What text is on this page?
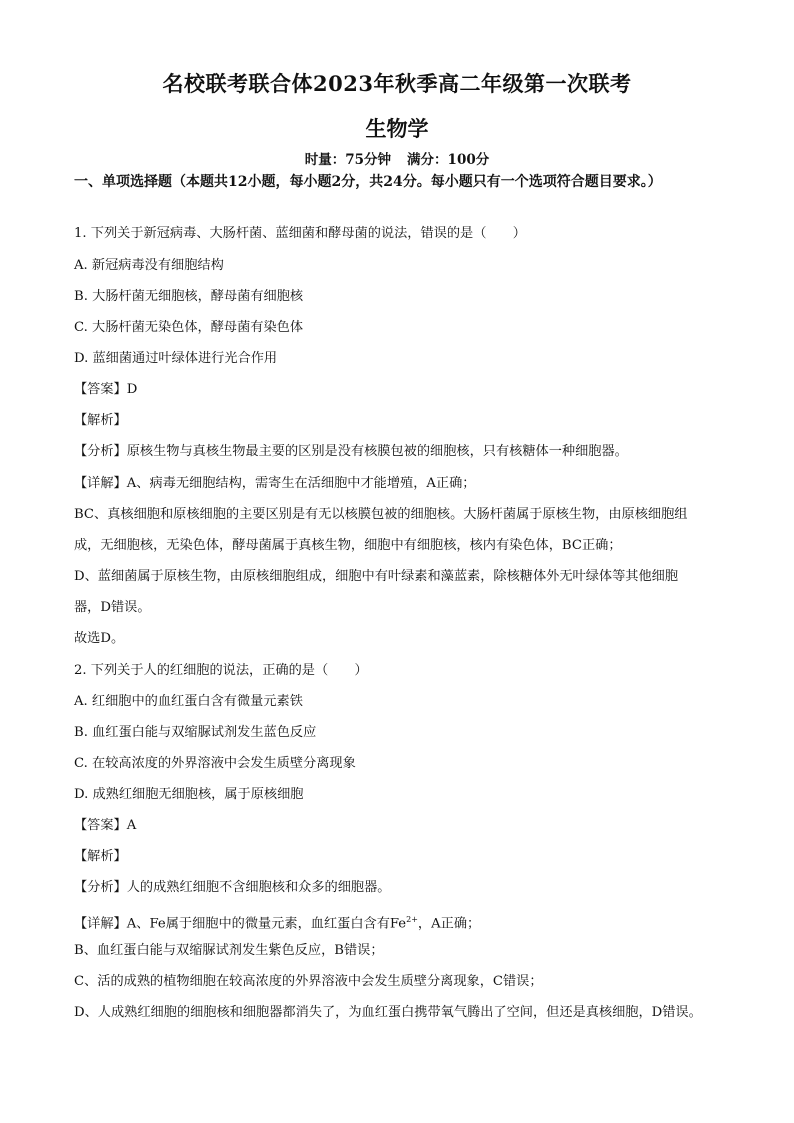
名校联考联合体2023年秋季高二年级第一次联考
生物学
时量：75分钟 满分：100分
一、单项选择题（本题共12小题，每小题2分，共24分。每小题只有一个选项符合题目要求。）
1. 下列关于新冠病毒、大肠杆菌、蓝细菌和酵母菌的说法，错误的是（　　）
A. 新冠病毒没有细胞结构
B. 大肠杆菌无细胞核，酵母菌有细胞核
C. 大肠杆菌无染色体，酵母菌有染色体
D. 蓝细菌通过叶绿体进行光合作用
【答案】D
【解析】
【分析】原核生物与真核生物最主要的区别是没有核膜包被的细胞核，只有核糖体一种细胞器。
【详解】A、病毒无细胞结构，需寄生在活细胞中才能增殖，A正确；
BC、真核细胞和原核细胞的主要区别是有无以核膜包被的细胞核。大肠杆菌属于原核生物，由原核细胞组
成，无细胞核，无染色体，酵母菌属于真核生物，细胞中有细胞核，核内有染色体，BC正确；
D、蓝细菌属于原核生物，由原核细胞组成，细胞中有叶绿素和藻蓝素，除核糖体外无叶绿体等其他细胞
器，D错误。
故选D。
2. 下列关于人的红细胞的说法，正确的是（　　）
A. 红细胞中的血红蛋白含有微量元素铁
B. 血红蛋白能与双缩脲试剂发生蓝色反应
C. 在较高浓度的外界溶液中会发生质壁分离现象
D. 成熟红细胞无细胞核，属于原核细胞
【答案】A
【解析】
【分析】人的成熟红细胞不含细胞核和众多的细胞器。
【详解】A、Fe属于细胞中的微量元素，血红蛋白含有$Fe^{2+}$，A正确；
B、血红蛋白能与双缩脲试剂发生紫色反应，B错误；
C、活的成熟的植物细胞在较高浓度的外界溶液中会发生质壁分离现象，C错误；
D、人成熟红细胞的细胞核和细胞器都消失了，为血红蛋白携带氧气腾出了空间，但还是真核细胞，D错误。
